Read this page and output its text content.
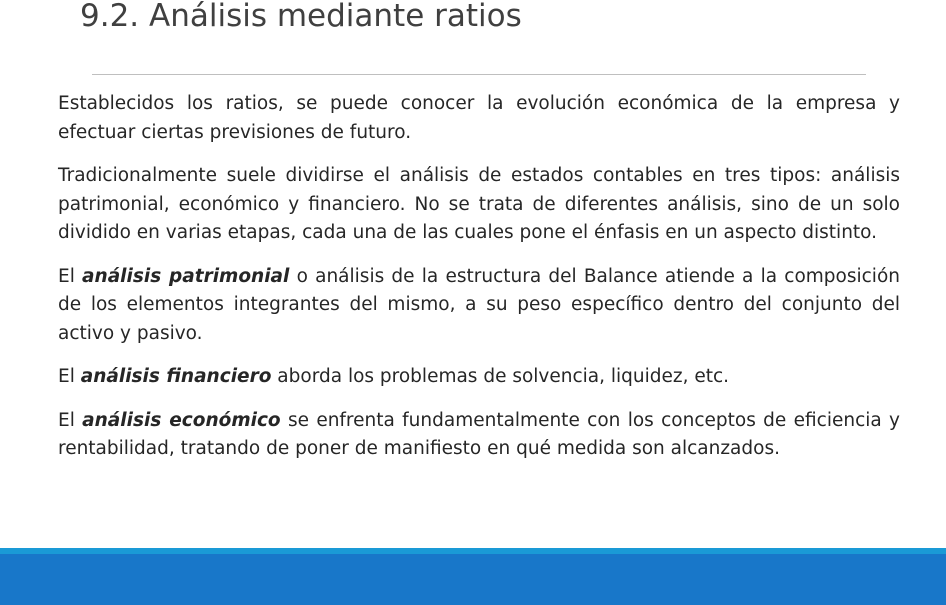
9.2. Análisis mediante ratios

Establecidos los ratios, se puede conocer la evolución económica de la empresa y efectuar ciertas previsiones de futuro.

Tradicionalmente suele dividirse el análisis de estados contables en tres tipos: análisis patrimonial, económico y financiero. No se trata de diferentes análisis, sino de un solo dividido en varias etapas, cada una de las cuales pone el énfasis en un aspecto distinto.

El análisis patrimonial o análisis de la estructura del Balance atiende a la composición de los elementos integrantes del mismo, a su peso específico dentro del conjunto del activo y pasivo.

El análisis financiero aborda los problemas de solvencia, liquidez, etc.

El análisis económico se enfrenta fundamentalmente con los conceptos de eficiencia y rentabilidad, tratando de poner de manifiesto en qué medida son alcanzados.
